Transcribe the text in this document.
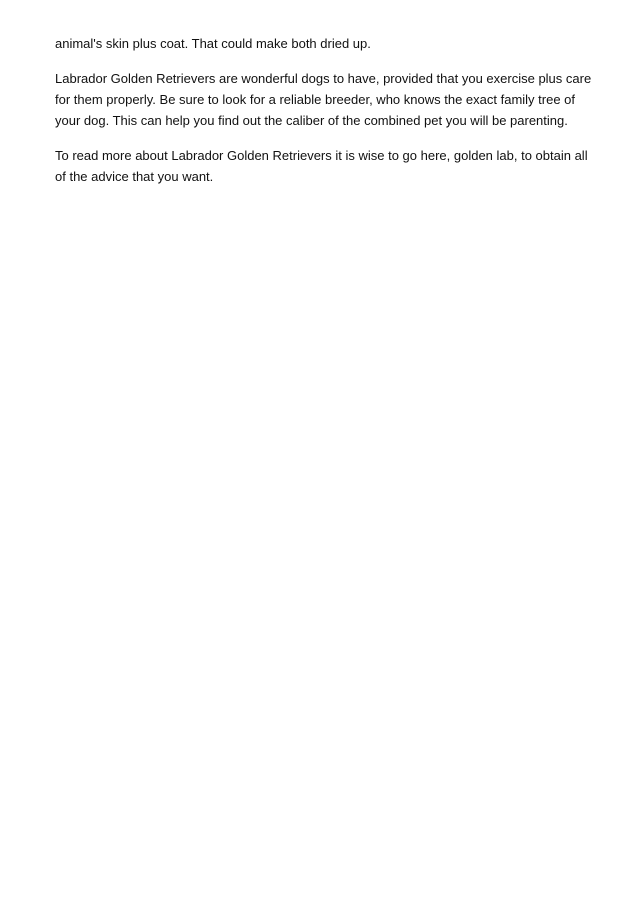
animal's skin plus coat. That could make both dried up.

Labrador Golden Retrievers are wonderful dogs to have, provided that you exercise plus care
for them properly. Be sure to look for a reliable breeder, who knows the exact family tree of
your dog. This can help you find out the caliber of the combined pet you will be parenting.

To read more about Labrador Golden Retrievers it is wise to go here, golden lab, to obtain all
of the advice that you want.
